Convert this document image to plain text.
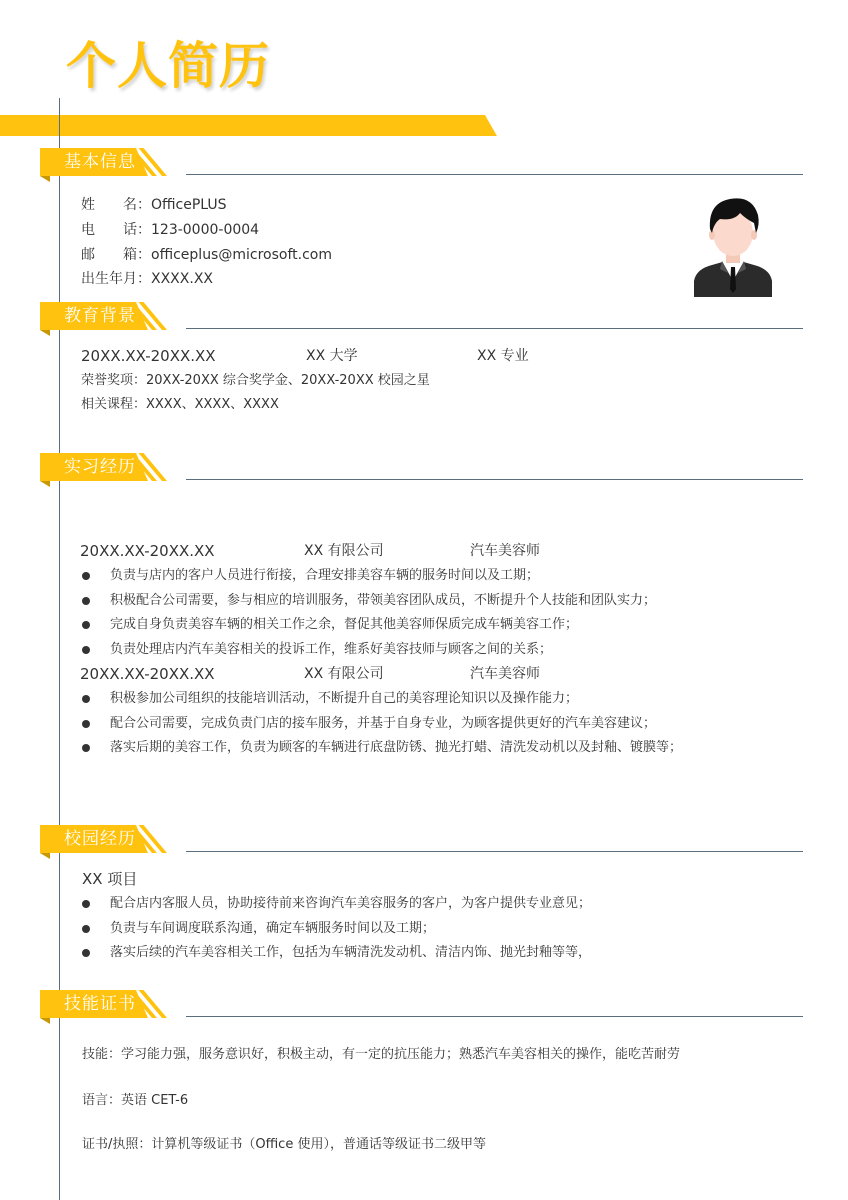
个人简历
基本信息
姓　　名：OfficePLUS
电　　话：123-0000-0004
邮　　箱：officeplus@microsoft.com
出生年月：XXXX.XX
教育背景
20XX.XX-20XX.XX	XX 大学	XX 专业
荣誉奖项：20XX-20XX 综合奖学金、20XX-20XX 校园之星
相关课程：XXXX、XXXX、XXXX
实习经历
20XX.XX-20XX.XX	XX 有限公司	汽车美容师
负责与店内的客户人员进行衔接，合理安排美容车辆的服务时间以及工期；
积极配合公司需要，参与相应的培训服务，带领美容团队成员，不断提升个人技能和团队实力；
完成自身负责美容车辆的相关工作之余，督促其他美容师保质完成车辆美容工作；
负责处理店内汽车美容相关的投诉工作，维系好美容技师与顾客之间的关系；
20XX.XX-20XX.XX	XX 有限公司	汽车美容师
积极参加公司组织的技能培训活动，不断提升自己的美容理论知识以及操作能力；
配合公司需要，完成负责门店的接车服务，并基于自身专业，为顾客提供更好的汽车美容建议；
落实后期的美容工作，负责为顾客的车辆进行底盘防锈、抛光打蜡、清洗发动机以及封釉、镀膜等；
校园经历
XX 项目
配合店内客服人员，协助接待前来咨询汽车美容服务的客户，为客户提供专业意见；
负责与车间调度联系沟通，确定车辆服务时间以及工期；
落实后续的汽车美容相关工作，包括为车辆清洗发动机、清洁内饰、抛光封釉等等，
技能证书
技能：学习能力强，服务意识好，积极主动，有一定的抗压能力；熟悉汽车美容相关的操作，能吃苦耐劳
语言：英语 CET-6
证书/执照：计算机等级证书（Office 使用），普通话等级证书二级甲等
